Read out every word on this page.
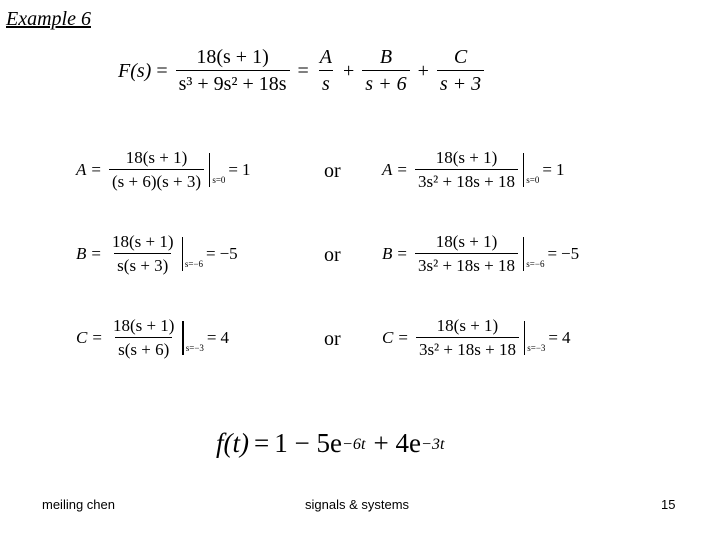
Example 6
$F(s) = \frac{18(s + 1)}{\text{s³ + 9s² + 18s}} = \frac{A}{s} + \frac{B}{s + 6} + \frac{C}{s + 3}$
$A = \frac{18(s + 1)}{(s + 6)(s + 3)} s=0$
= 1	or $A = \frac{18(s + 1)}{\text{3s² + 18s + 18}} s=0$
= 1
$B = \frac{18(s + 1)}{s(s + 3)} s=-6$
= −5	or $B = \frac{18(s + 1)}{\text{3s² + 18s + 18}} s=-6$
= −5
$C = \frac{18(s + 1)}{s(s + 6)} s=-3$
= 4	or $C = \frac{18(s + 1)}{\text{3s² + 18s + 18}} s=-3$
= 4
f(t) = 1 − 5e −6t + 4e −3t
meiling chen	signals & systems	15
